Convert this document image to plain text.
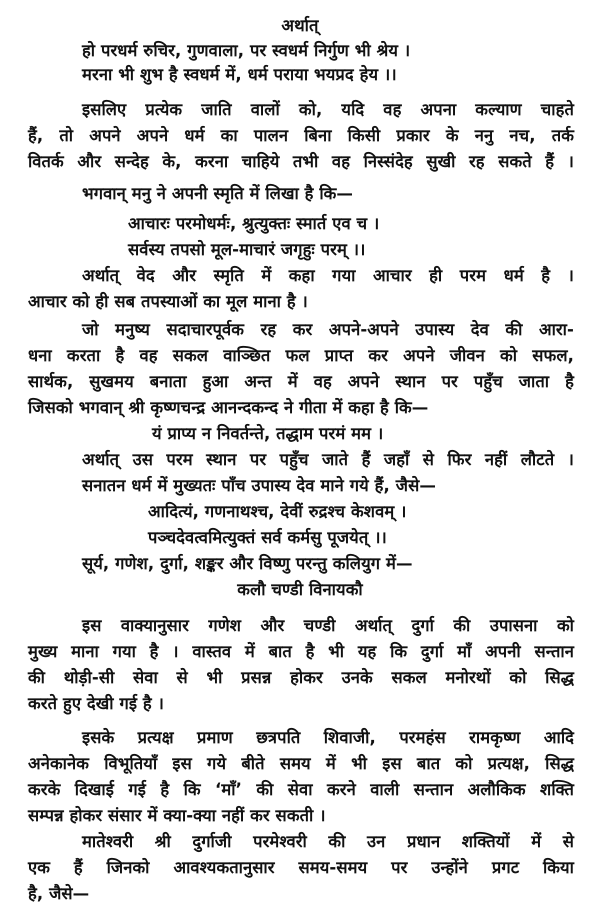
अर्थात्
हो परधर्म रुचिर, गुणवाला, पर स्वधर्म निर्गुण भी श्रेय ।
मरना भी शुभ है स्वधर्म में, धर्म पराया भयप्रद हेय ।।
इसलिए प्रत्येक जाति वालों को, यदि वह अपना कल्याण चाहते
हैं, तो अपने अपने धर्म का पालन बिना किसी प्रकार के ननु नच, तर्क
वितर्क और सन्देह के, करना चाहिये तभी वह निस्संदेह सुखी रह सकते हैं ।
भगवान् मनु ने अपनी स्मृति में लिखा है कि—
आचारः परमोधर्मः, श्रुत्युक्तः स्मार्त एव च ।
सर्वस्य तपसो मूल-माचारं जगृहुः परम् ।।
अर्थात् वेद और स्मृति में कहा गया आचार ही परम धर्म है ।
आचार को ही सब तपस्याओं का मूल माना है ।
जो मनुष्य सदाचारपूर्वक रह कर अपने-अपने उपास्य देव की आरा-
धना करता है वह सकल वाञ्छित फल प्राप्त कर अपने जीवन को सफल,
सार्थक, सुखमय बनाता हुआ अन्त में वह अपने स्थान पर पहुँच जाता है
जिसको भगवान् श्री कृष्णचन्द्र आनन्दकन्द ने गीता में कहा है कि—
यं प्राप्य न निवर्तन्ते, तद्धाम परमं मम ।
अर्थात् उस परम स्थान पर पहुँच जाते हैं जहाँ से फिर नहीं लौटते ।
सनातन धर्म में मुख्यतः पाँच उपास्य देव माने गये हैं, जैसे—
आदित्यं, गणनाथश्च, देवीं रुद्रश्च केशवम् ।
पञ्चदेवत्वमित्युक्तं सर्व कर्मसु पूजयेत् ।।
सूर्य, गणेश, दुर्गा, शङ्कर और विष्णु परन्तु कलियुग में—
कलौ चण्डी विनायकौ
इस वाक्यानुसार गणेश और चण्डी अर्थात् दुर्गा की उपासना को
मुख्य माना गया है । वास्तव में बात है भी यह कि दुर्गा माँ अपनी सन्तान
की थोड़ी-सी सेवा से भी प्रसन्न होकर उनके सकल मनोरथों को सिद्ध
करते हुए देखी गई है ।
इसके प्रत्यक्ष प्रमाण छत्रपति शिवाजी, परमहंस रामकृष्ण आदि
अनेकानेक विभूतियाँ इस गये बीते समय में भी इस बात को प्रत्यक्ष, सिद्ध
करके दिखाई गई है कि ‘माँ’ की सेवा करने वाली सन्तान अलौकिक शक्ति
सम्पन्न होकर संसार में क्या-क्या नहीं कर सकती ।
मातेश्वरी श्री दुर्गाजी परमेश्वरी की उन प्रधान शक्तियों में से
एक हैं जिनको आवश्यकतानुसार समय-समय पर उन्होंने प्रगट किया
है, जैसे—
